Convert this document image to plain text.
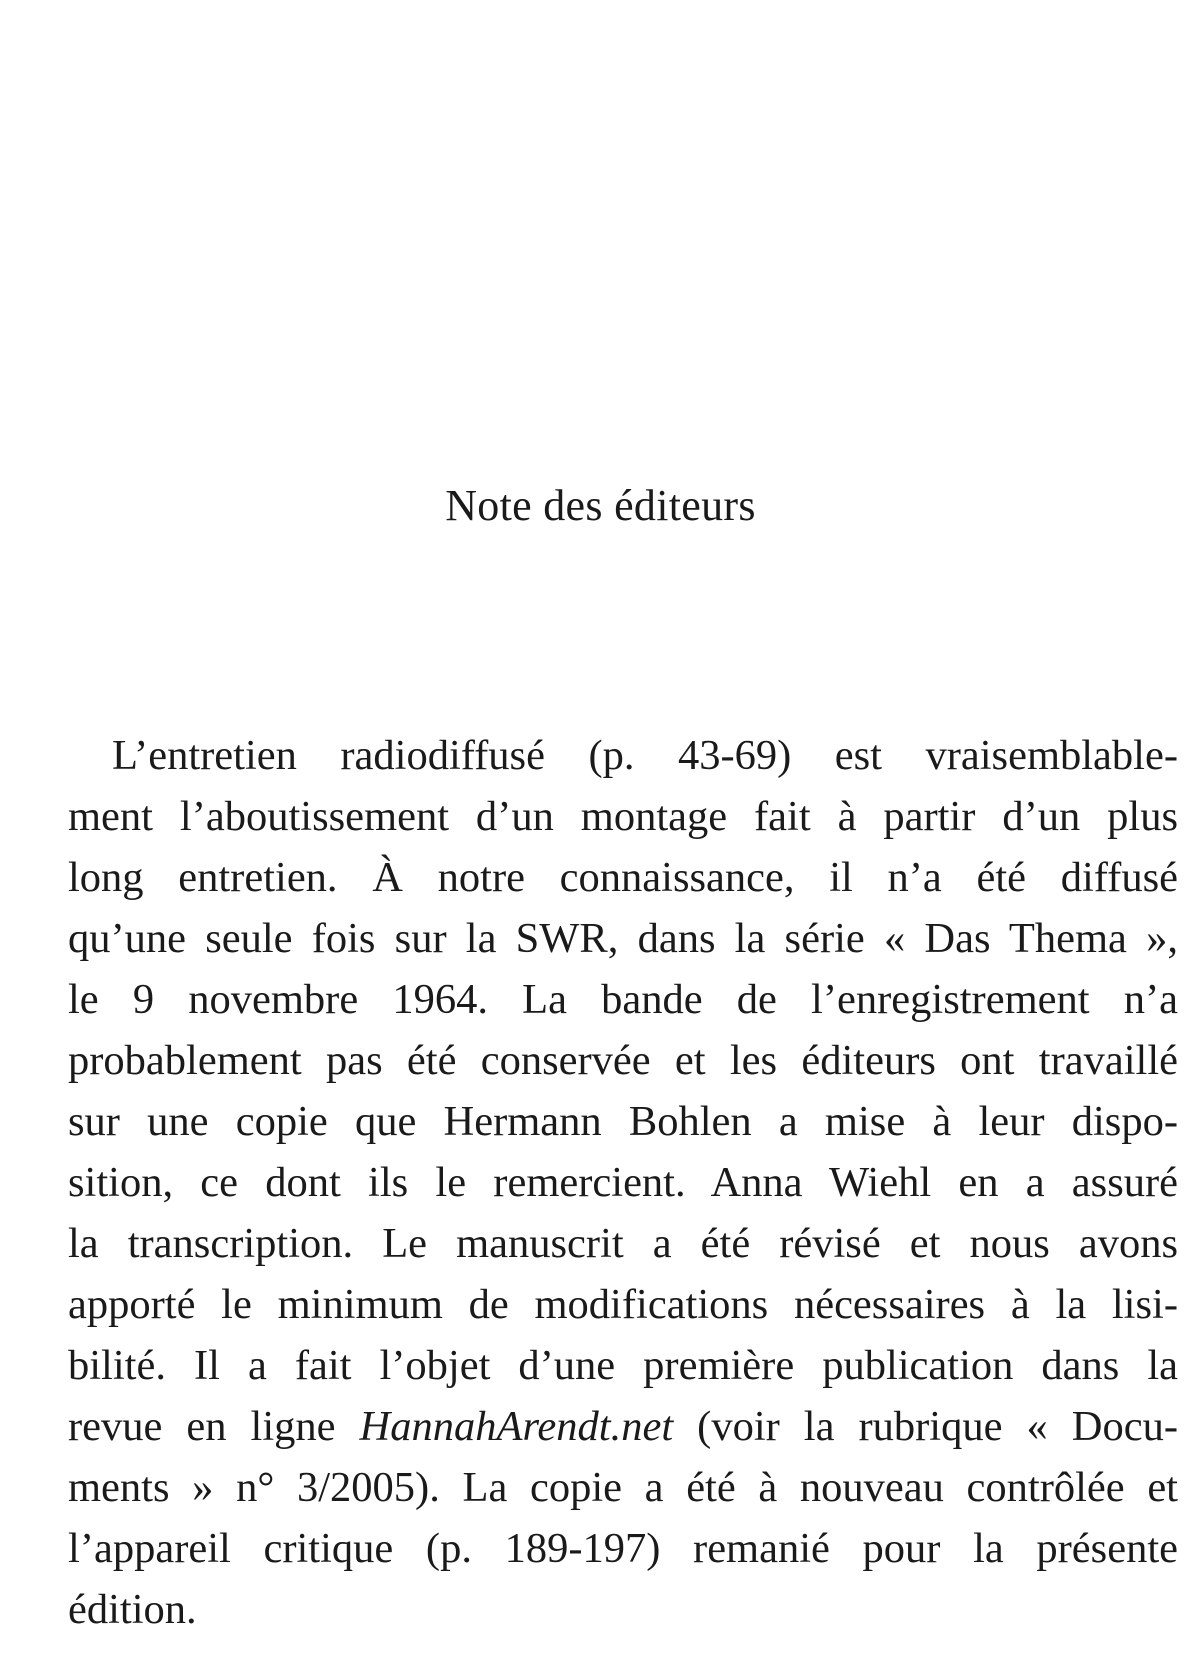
Note des éditeurs
L’entretien radiodiffusé (p. 43-69) est vraisemblable-
ment l’aboutissement d’un montage fait à partir d’un plus
long entretien. À notre connaissance, il n’a été diffusé
qu’une seule fois sur la SWR, dans la série « Das Thema »,
le 9 novembre 1964. La bande de l’enregistrement n’a
probablement pas été conservée et les éditeurs ont travaillé
sur une copie que Hermann Bohlen a mise à leur dispo-
sition, ce dont ils le remercient. Anna Wiehl en a assuré
la transcription. Le manuscrit a été révisé et nous avons
apporté le minimum de modifications nécessaires à la lisi-
bilité. Il a fait l’objet d’une première publication dans la
revue en ligne HannahArendt.net (voir la rubrique « Docu-
ments » n° 3/2005). La copie a été à nouveau contrôlée et
l’appareil critique (p. 189-197) remanié pour la présente
édition.
